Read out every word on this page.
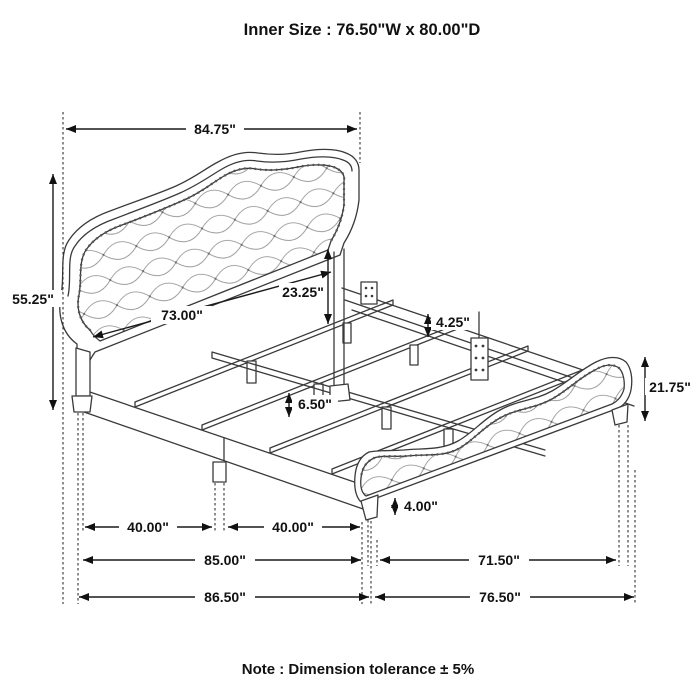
84.75"
55.25"
73.00"
23.25"
4.25"
21.75"
6.50"
4.00"
40.00"	40.00"
85.00"	71.50"
86.50"	76.50"
Inner Size : 76.50"W x 80.00"D
Note : Dimension tolerance ± 5%
